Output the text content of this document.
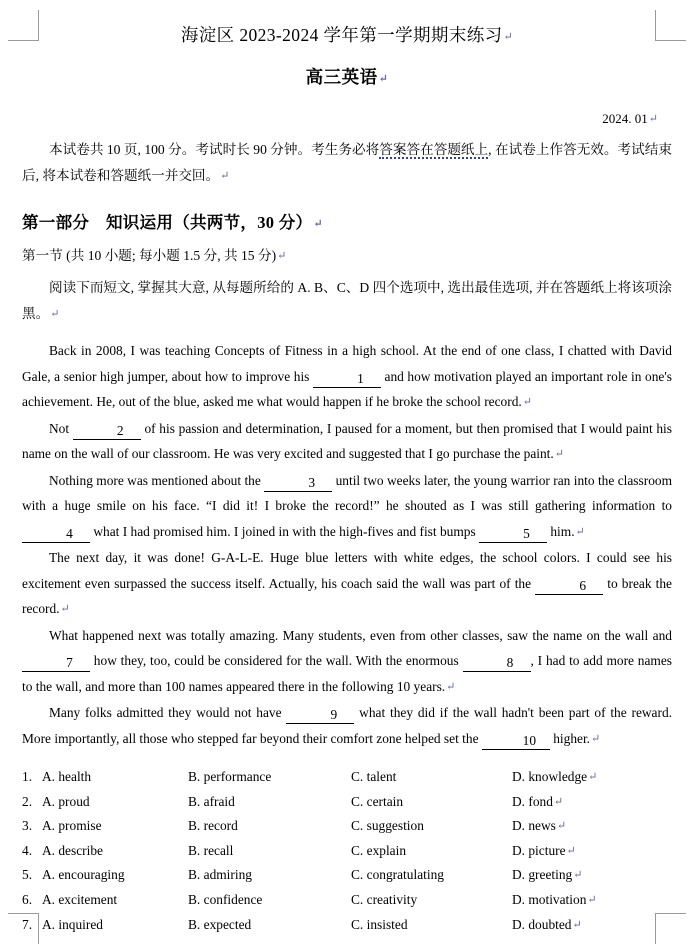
海淀区 2023-2024 学年第一学期期末练习↵
高三英语↵
2024. 01↵

本试卷共 10 页, 100 分。考试时长 90 分钟。考生务必将答案答在答题纸上, 在试卷上作答无效。考试结束后, 将本试卷和答题纸一并交回。↵

第一部分　知识运用（共两节，30 分）↵
第一节 (共 10 小题; 每小题 1.5 分, 共 15 分)↵

阅读下而短文, 掌握其大意, 从每题所给的 A. B、C、D 四个选项中, 选出最佳选项, 并在答题纸上将该项涂黑。↵

Back in 2008, I was teaching Concepts of Fitness in a high school. At the end of one class, I chatted with David Gale, a senior high jumper, about how to improve his	1 and how motivation played an important role in one's achievement. He, out of the blue, asked me what would happen if he broke the school record.↵

Not	2 of his passion and determination, I paused for a moment, but then promised that I would paint his name on the wall of our classroom. He was very excited and suggested that I go purchase the paint.↵

Nothing more was mentioned about the	3 until two weeks later, the young warrior ran into the classroom with a huge smile on his face. “I did it! I broke the record!” he shouted as I was still gathering information to 4 what I had promised him. I joined in with the high-fives and fist bumps	5 him.↵

The next day, it was done! G-A-L-E. Huge blue letters with white edges, the school colors. I could see his excitement even surpassed the success itself. Actually, his coach said the wall was part of the	6 to break the record.↵

What happened next was totally amazing. Many students, even from other classes, saw the name on the wall and 7 how they, too, could be considered for the wall. With the enormous	8 , I had to add more names to the wall, and more than 100 names appeared there in the following 10 years.↵

Many folks admitted they would not have	9 what they did if the wall hadn't been part of the reward. More importantly, all those who stepped far beyond their comfort zone helped set the	10 higher.↵

1. A. health	B. performance	C. talent	D. knowledge ↵
2. A. proud	B. afraid	C. certain	D. fond ↵
3. A. promise	B. record	C. suggestion	D. news ↵
4. A. describe	B. recall	C. explain	D. picture ↵
5. A. encouraging	B. admiring	C. congratulating	D. greeting ↵
6. A. excitement	B. confidence	C. creativity	D. motivation ↵
7. A. inquired	B. expected	C. insisted	D. doubted ↵
